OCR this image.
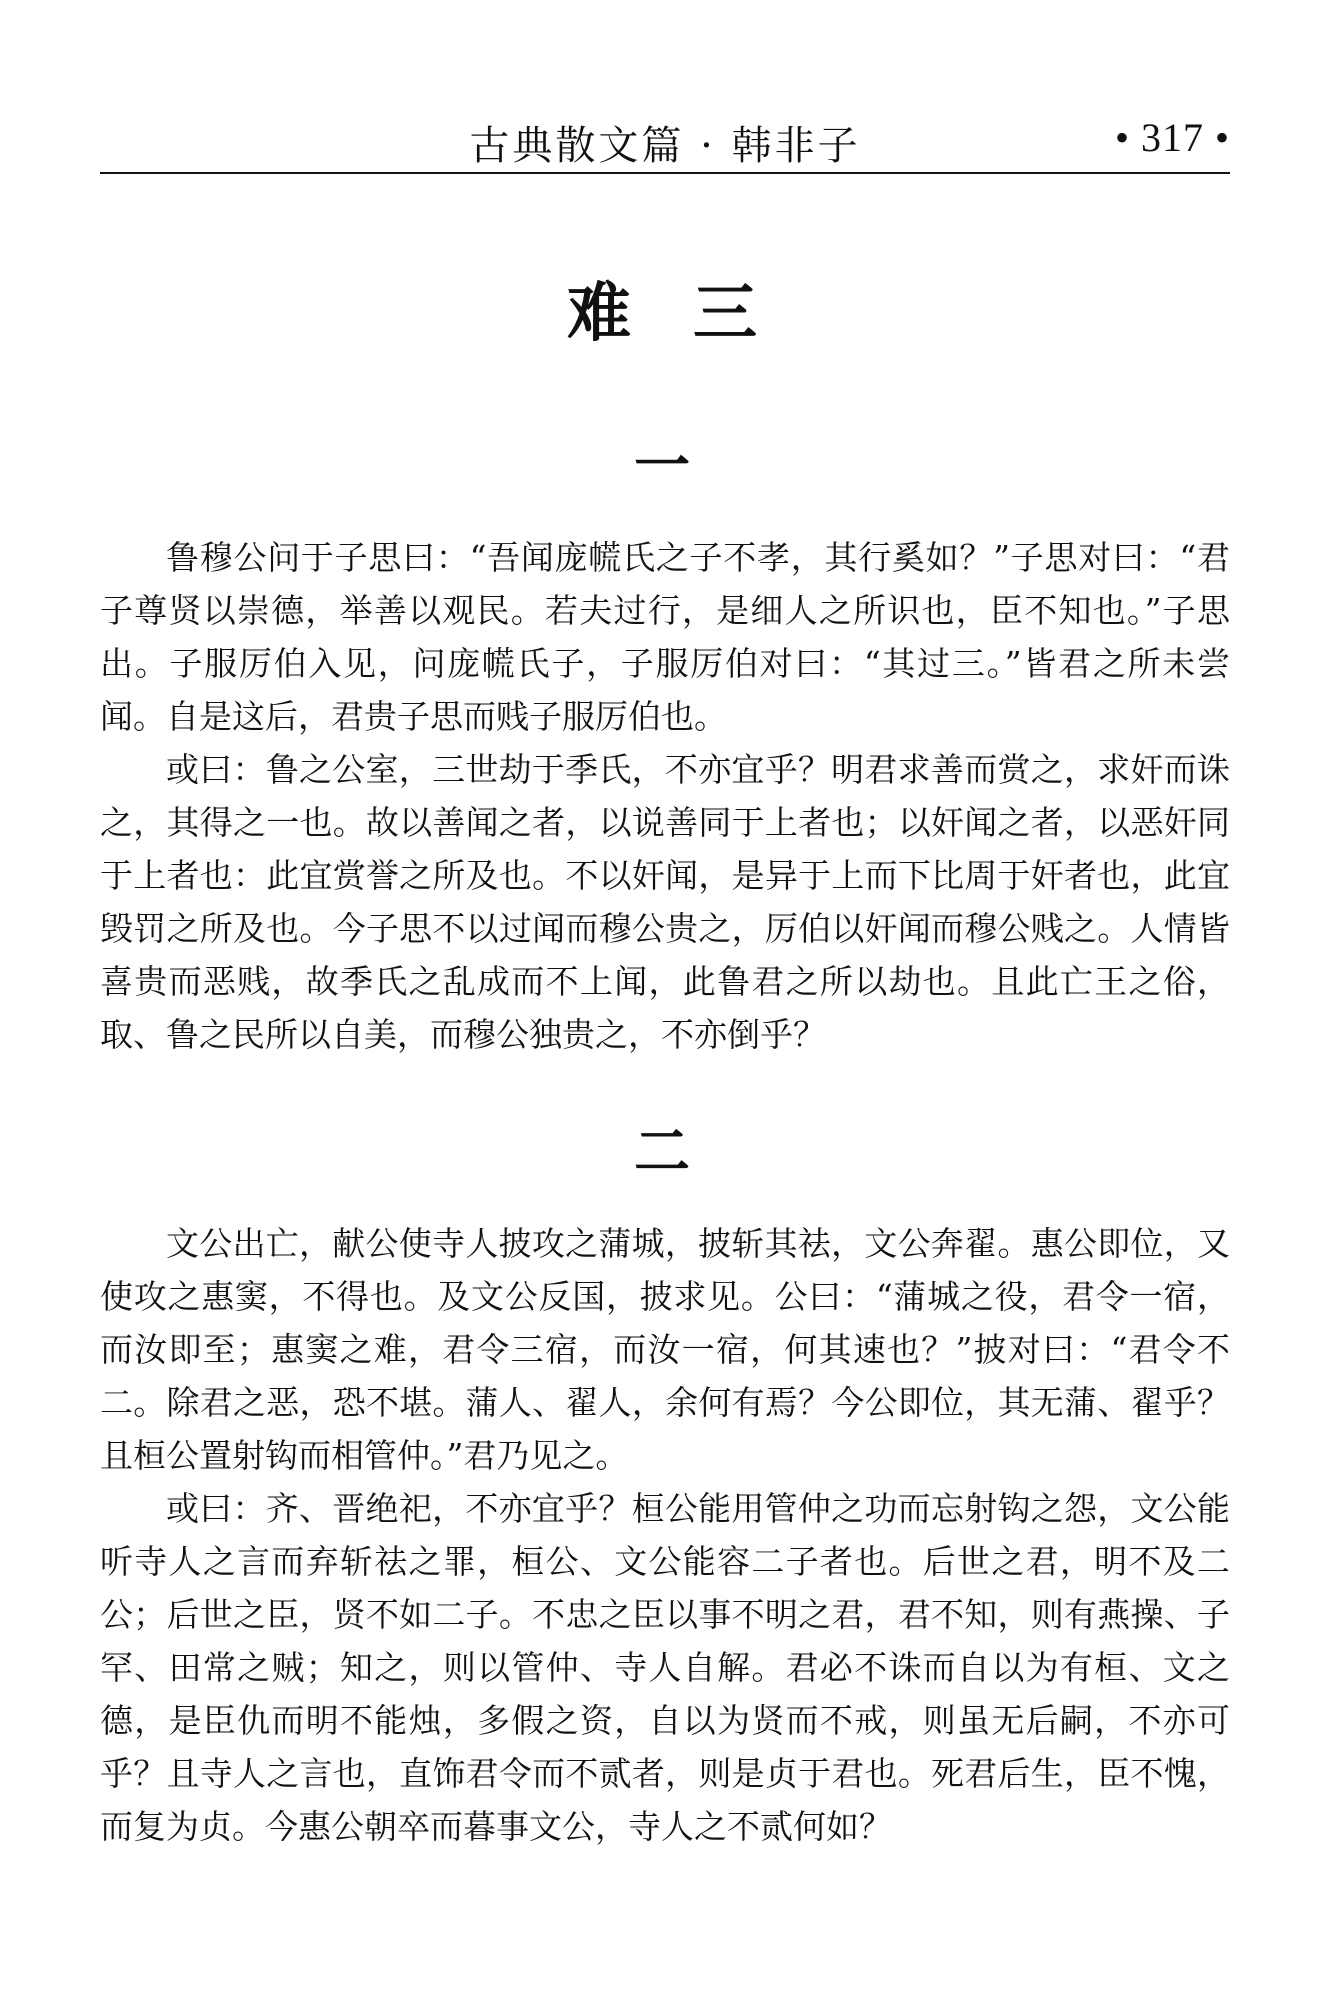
古典散文篇 · 韩非子	• 317 •
难三
一

鲁穆公问于子思曰：“吾闻庞㡛氏之子不孝，其行奚如？”子思对曰：“君子尊贤以崇德，举善以观民。若夫过行，是细人之所识也，臣不知也。”子思出。子服厉伯入见，问庞㡛氏子，子服厉伯对曰：“其过三。”皆君之所未尝闻。自是这后，君贵子思而贱子服厉伯也。

或曰：鲁之公室，三世劫于季氏，不亦宜乎？明君求善而赏之，求奸而诛之，其得之一也。故以善闻之者，以说善同于上者也；以奸闻之者，以恶奸同于上者也：此宜赏誉之所及也。不以奸闻，是异于上而下比周于奸者也，此宜毁罚之所及也。今子思不以过闻而穆公贵之，厉伯以奸闻而穆公贱之。人情皆喜贵而恶贱，故季氏之乱成而不上闻，此鲁君之所以劫也。且此亡王之俗，取、鲁之民所以自美，而穆公独贵之，不亦倒乎？

二

文公出亡，献公使寺人披攻之蒲城，披斩其祛，文公奔翟。惠公即位，又使攻之惠窦，不得也。及文公反国，披求见。公曰：“蒲城之役，君令一宿，而汝即至；惠窦之难，君令三宿，而汝一宿，何其速也？”披对曰：“君令不二。除君之恶，恐不堪。蒲人、翟人，余何有焉？今公即位，其无蒲、翟乎？且桓公置射钩而相管仲。”君乃见之。

或曰：齐、晋绝祀，不亦宜乎？桓公能用管仲之功而忘射钩之怨，文公能听寺人之言而弃斩祛之罪，桓公、文公能容二子者也。后世之君，明不及二公；后世之臣，贤不如二子。不忠之臣以事不明之君，君不知，则有燕操、子罕、田常之贼；知之，则以管仲、寺人自解。君必不诛而自以为有桓、文之德，是臣仇而明不能烛，多假之资，自以为贤而不戒，则虽无后嗣，不亦可乎？且寺人之言也，直饰君令而不贰者，则是贞于君也。死君后生，臣不愧，而复为贞。今惠公朝卒而暮事文公，寺人之不贰何如？
